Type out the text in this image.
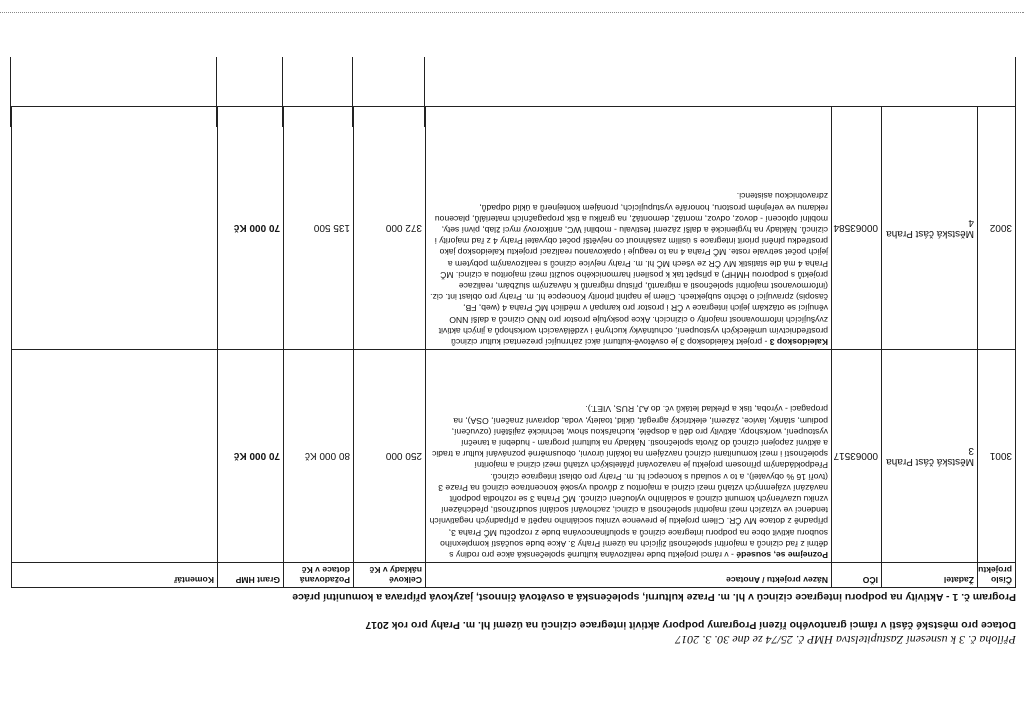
Příloha č. 3 k usnesení Zastupitelstva HMP č. 25/74 ze dne 30. 3. 2017
Dotace pro městské části v rámci grantového řízení Programy podpory aktivit integrace cizinců na území hl. m. Prahy pro rok 2017
Program č. 1 - Aktivity na podporu integrace cizinců v hl. m. Praze kulturní, společenská a osvětová činnost, jazyková příprava a komunitní práce
Číslo projektu	Žadatel	IČO	Název projektu / Anotace	Celkové náklady v Kč	Požadovaná dotace v Kč	Grant HMP	Komentář
3001	Městská část Praha 3	00063517	Poznejme se, sousedé - v rámci projektu bude realizována kulturně společenská akce pro rodiny s dětmi z řad cizinců a majoritní společnosti žijících na území Prahy 3. Akce bude součástí komplexního souboru aktivit obce na podporu integrace cizinců a spolufinancována bude z rozpočtu MČ Praha 3, případně z dotace MV ČR. Cílem projektu je prevence vzniku sociálního napětí a případných negativních tendencí ve vztazích mezi majoritní společností a cizinci, zachování sociální soudržnosti, předcházení vzniku uzavřených komunit cizinců a sociálního vyloučení cizinců. MČ Praha 3 se rozhodla podpořit navázání vzájemných vztahů mezi cizinci a majoritou z důvodu vysoké koncentrace cizinců na Praze 3 (tvoří 16 % obyvatel), a to v souladu s koncepcí hl. m. Prahy pro oblast integrace cizinců. Předpokládaným přínosem projektu je navazování přátelských vztahů mezi cizinci a majoritní společností i mezi komunitami cizinců navzájem na lokální úrovni, obousměrné poznávání kultur a tradic a aktivní zapojení cizinců do života společnosti. Náklady na kulturní program - hudební a taneční vystoupení, workshopy, aktivity pro děti a dospělé, kuchařskou show, technické zajištění (ozvučení, podium, stánky, lavice, zázemí, elektrický agregát, úklid, toalety, voda, dopravní značení, OSA), na propagaci - výroba, tisk a překlad letáků vč. do AJ, RUS, VIET.).	250 000	80 000 Kč	70 000 Kč	
3002	Městská část Praha 4	00063584	Kaleidoskop 3 - projekt Kaleidoskop 3 je osvětově-kulturní akcí zahrnující prezentaci kultur cizinců prostřednictvím uměleckých vystoupení, ochutnávky kuchyně i vzdělávacích workshopů a jiných aktivit zvyšujících informovanost majority o cizincích. Akce poskytuje prostor pro NNO cizinců a další NNO věnující se otázkám jejich integrace v ČR i prostor pro kampaň v médiích MČ Praha 4 (web, FB, časopis) zpravující o těchto subjektech. Cílem je naplnit priority Koncepce hl. m. Prahy pro oblast int. ciz. (informovanost majoritní společnosti a migrantů, přístup migrantů k návazným službám, realizace projektů s podporou HMHP) a přispět tak k posílení harmonického soužití mezi majoritou a cizinci. MČ Praha 4 má dle statistik MV ČR ze všech MČ hl. m. Prahy nejvíce cizinců s realizovaným pobytem a jejich počet setrvale roste. MČ Praha 4 na to reaguje i opakovanou realizací projektu Kaleidoskop jako prostředku plnění priorit integrace s úsilím zasáhnout co největší počet obyvatel Prahy 4 z řad majority i cizinců. Náklady na hygienické a další zázemí festivalu - mobilní WC, antikorový mycí žlab, pivní sety, mobilní oplocení - dovoz, odvoz, montáž, demontáž, na grafiku a tisk propagačních materiálů, placenou reklamu ve veřejném prostoru, honoráře vystupujících, pronájem kontejnerů a úklid odpadů, zdravotnickou asistenci.	372 000	135 500	70 000 Kč	
